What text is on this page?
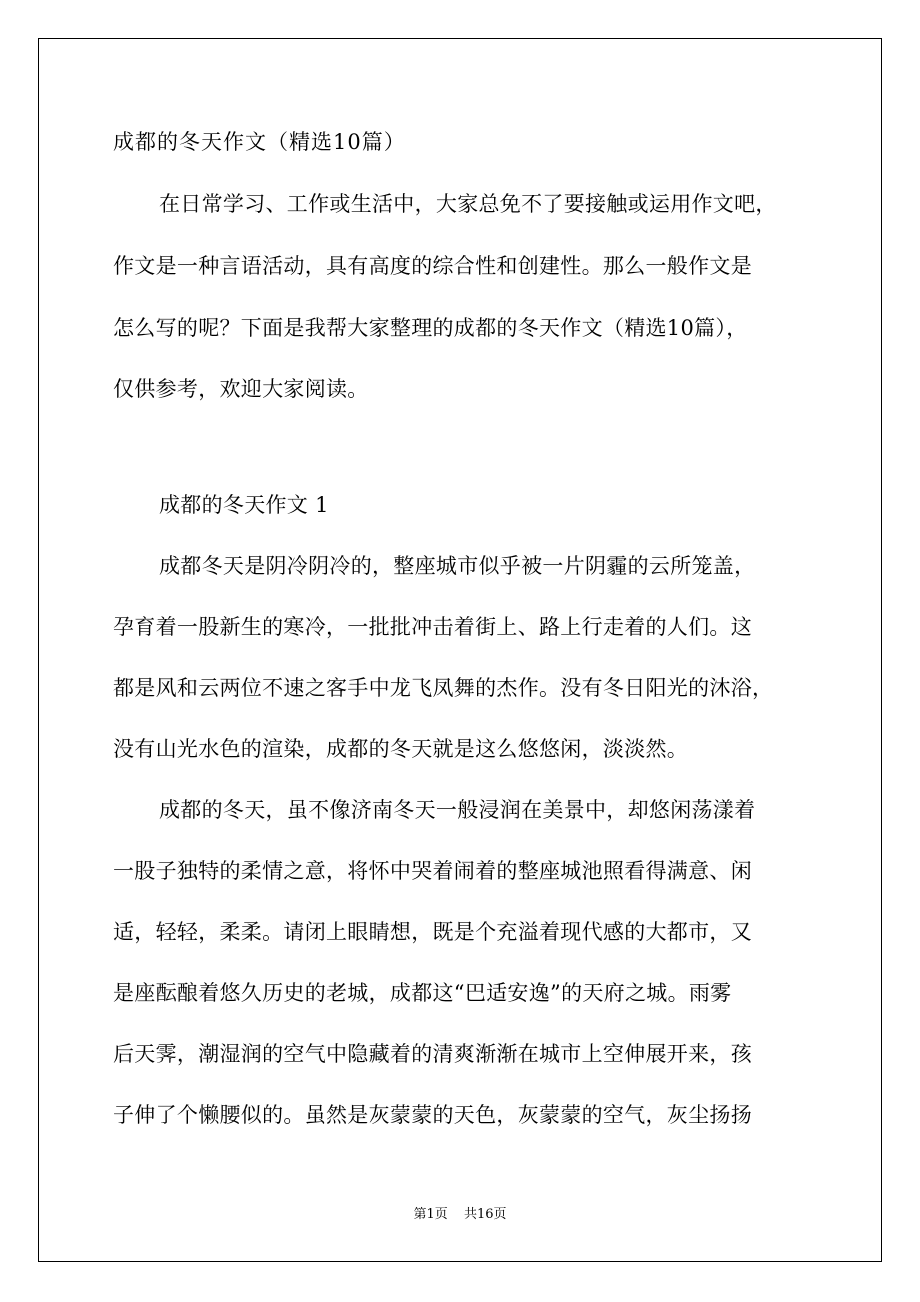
成都的冬天作文（精选10篇）
在日常学习、工作或生活中，大家总免不了要接触或运用作文吧，
作文是一种言语活动，具有高度的综合性和创建性。那么一般作文是
怎么写的呢？下面是我帮大家整理的成都的冬天作文（精选10篇），
仅供参考，欢迎大家阅读。
成都的冬天作文 1
成都冬天是阴冷阴冷的，整座城市似乎被一片阴霾的云所笼盖，
孕育着一股新生的寒冷，一批批冲击着街上、路上行走着的人们。这
都是风和云两位不速之客手中龙飞凤舞的杰作。没有冬日阳光的沐浴，
没有山光水色的渲染，成都的冬天就是这么悠悠闲，淡淡然。
成都的冬天，虽不像济南冬天一般浸润在美景中，却悠闲荡漾着
一股子独特的柔情之意，将怀中哭着闹着的整座城池照看得满意、闲
适，轻轻，柔柔。请闭上眼睛想，既是个充溢着现代感的大都市，又
是座酝酿着悠久历史的老城，成都这“巴适安逸”的天府之城。雨雾
后天霁，潮湿润的空气中隐藏着的清爽渐渐在城市上空伸展开来，孩
子伸了个懒腰似的。虽然是灰蒙蒙的天色，灰蒙蒙的空气，灰尘扬扬
第1页 共16页
